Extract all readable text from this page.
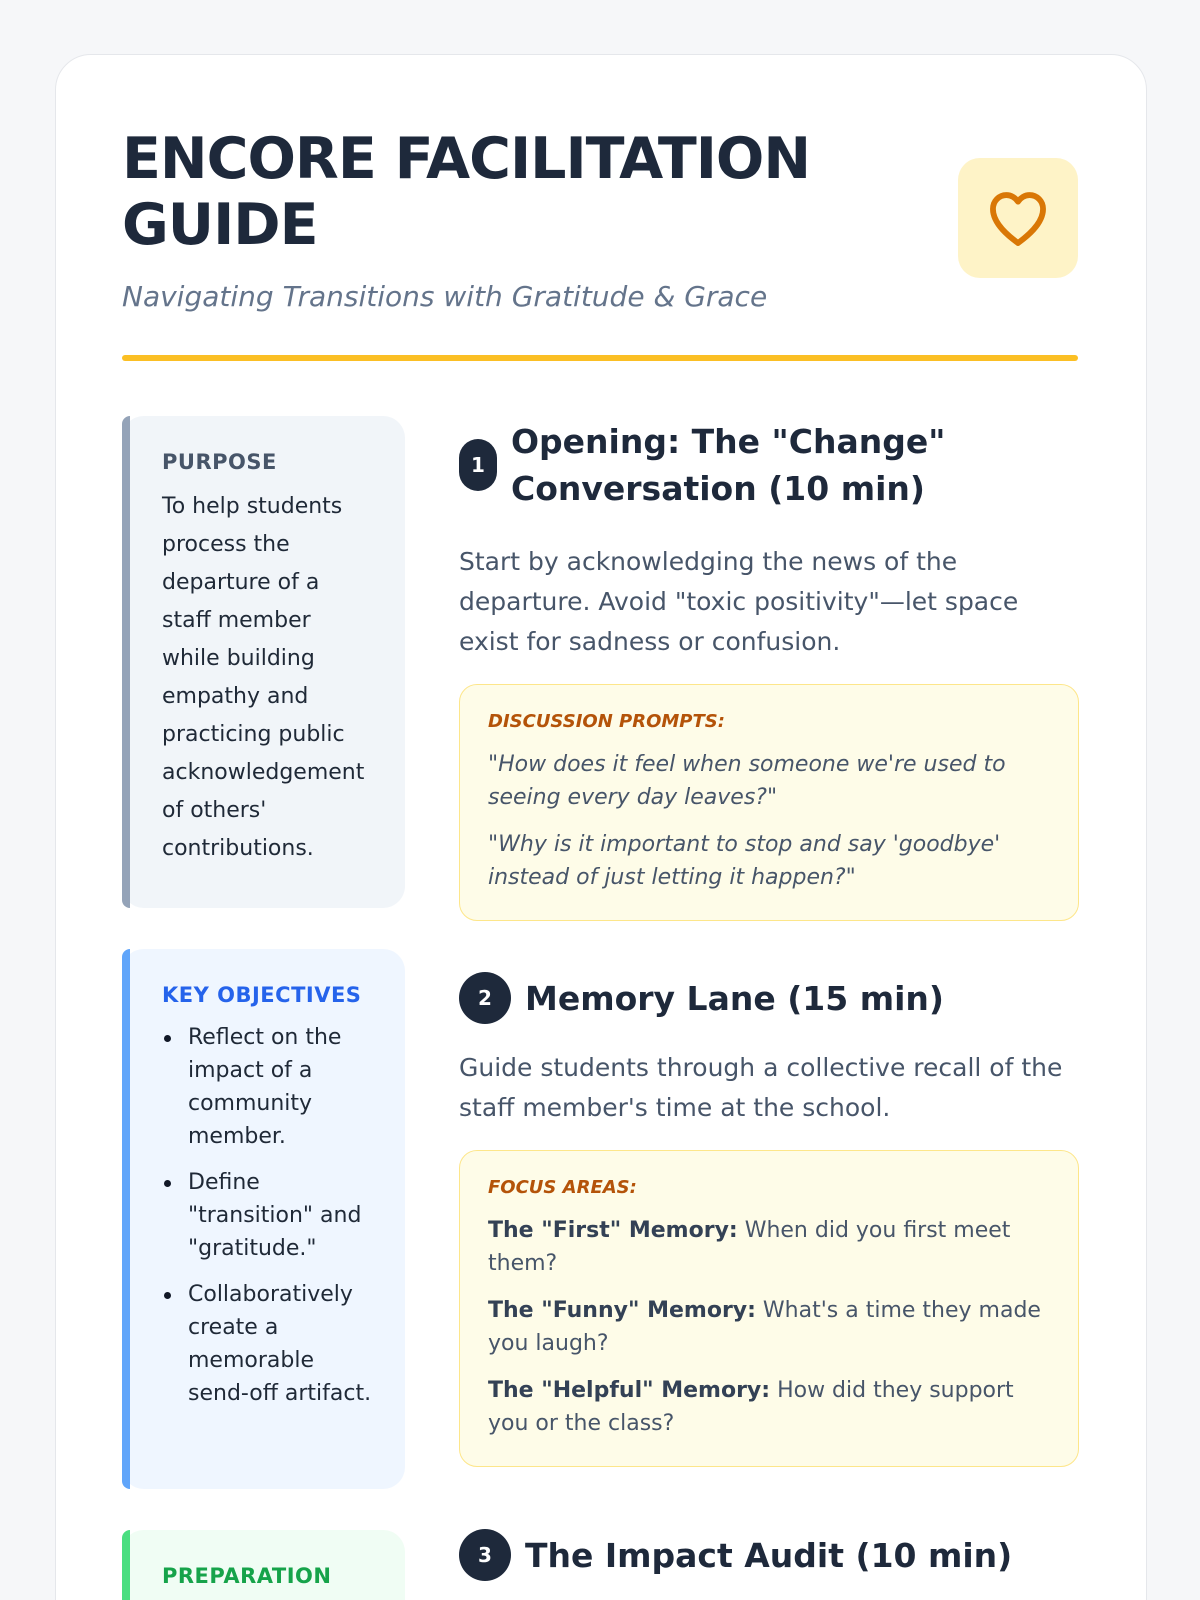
ENCORE FACILITATION GUIDE

Navigating Transitions with Gratitude & Grace

PURPOSE

To help students process the departure of a staff member while building empathy and practicing public acknowledgement of others' contributions.

KEY OBJECTIVES
Reflect on the impact of a community member.
Define "transition" and "gratitude."
Collaboratively create a memorable send-off artifact.
PREPARATION
1
Opening: The "Change" Conversation (10 min)

Start by acknowledging the news of the departure. Avoid "toxic positivity"—let space exist for sadness or confusion.

DISCUSSION PROMPTS:

"How does it feel when someone we're used to seeing every day leaves?"

"Why is it important to stop and say 'goodbye' instead of just letting it happen?"

2	Memory Lane (15 min)

Guide students through a collective recall of the staff member's time at the school.

FOCUS AREAS:

The "First" Memory: When did you first meet them?

The "Funny" Memory: What's a time they made you laugh?

The "Helpful" Memory: How did they support you or the class?

3	The Impact Audit (10 min)
